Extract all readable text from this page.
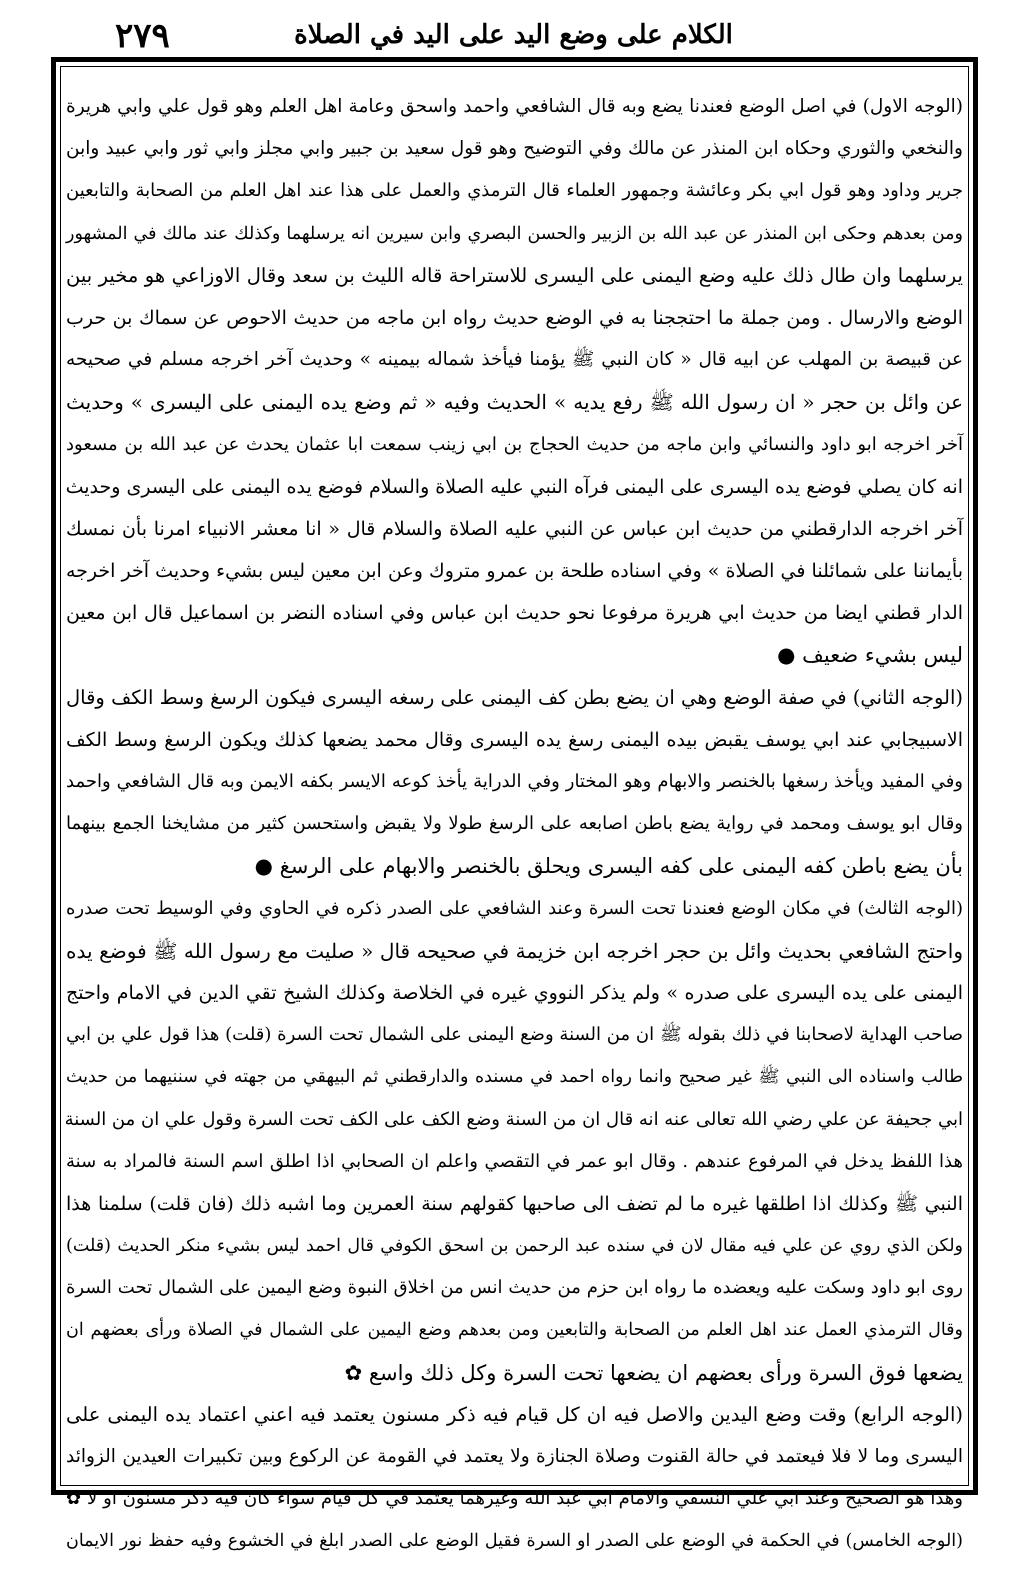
٢٧٩	الكلام على وضع اليد على اليد في الصلاة
(الوجه الاول) في اصل الوضع فعندنا يضع وبه قال الشافعي واحمد واسحق وعامة اهل العلم وهو قول علي وابي هريرة
والنخعي والثوري وحكاه ابن المنذر عن مالك وفي التوضيح وهو قول سعيد بن جبير وابي مجلز وابي ثور وابي عبيد وابن
جرير وداود وهو قول ابي بكر وعائشة وجمهور العلماء قال الترمذي والعمل على هذا عند اهل العلم من الصحابة والتابعين
ومن بعدهم وحكى ابن المنذر عن عبد الله بن الزبير والحسن البصري وابن سيرين انه يرسلهما وكذلك عند مالك في المشهور
يرسلهما وان طال ذلك عليه وضع اليمنى على اليسرى للاستراحة قاله الليث بن سعد وقال الاوزاعي هو مخير بين
الوضع والارسال . ومن جملة ما احتججنا به في الوضع حديث رواه ابن ماجه من حديث الاحوص عن سماك بن حرب
عن قبيصة بن المهلب عن ابيه قال « كان النبي ﷺ يؤمنا فيأخذ شماله بيمينه » وحديث آخر اخرجه مسلم في صحيحه
عن وائل بن حجر « ان رسول الله ﷺ رفع يديه » الحديث وفيه « ثم وضع يده اليمنى على اليسرى » وحديث
آخر اخرجه ابو داود والنسائي وابن ماجه من حديث الحجاج بن ابي زينب سمعت ابا عثمان يحدث عن عبد الله بن مسعود
انه كان يصلي فوضع يده اليسرى على اليمنى فرآه النبي عليه الصلاة والسلام فوضع يده اليمنى على اليسرى وحديث
آخر اخرجه الدارقطني من حديث ابن عباس عن النبي عليه الصلاة والسلام قال « انا معشر الانبياء امرنا بأن نمسك
بأيماننا على شمائلنا في الصلاة » وفي اسناده طلحة بن عمرو متروك وعن ابن معين ليس بشيء وحديث آخر اخرجه
الدار قطني ايضا من حديث ابي هريرة مرفوعا نحو حديث ابن عباس وفي اسناده النضر بن اسماعيل قال ابن معين
ليس بشيء ضعيف ●
(الوجه الثاني) في صفة الوضع وهي ان يضع بطن كف اليمنى على رسغه اليسرى فيكون الرسغ وسط الكف وقال
الاسبيجابي عند ابي يوسف يقبض بيده اليمنى رسغ يده اليسرى وقال محمد يضعها كذلك ويكون الرسغ وسط الكف
وفي المفيد ويأخذ رسغها بالخنصر والابهام وهو المختار وفي الدراية يأخذ كوعه الايسر بكفه الايمن وبه قال الشافعي واحمد
وقال ابو يوسف ومحمد في رواية يضع باطن اصابعه على الرسغ طولا ولا يقبض واستحسن كثير من مشايخنا الجمع بينهما
بأن يضع باطن كفه اليمنى على كفه اليسرى ويحلق بالخنصر والابهام على الرسغ ●
(الوجه الثالث) في مكان الوضع فعندنا تحت السرة وعند الشافعي على الصدر ذكره في الحاوي وفي الوسيط تحت صدره
واحتج الشافعي بحديث وائل بن حجر اخرجه ابن خزيمة في صحيحه قال « صليت مع رسول الله ﷺ فوضع يده
اليمنى على يده اليسرى على صدره » ولم يذكر النووي غيره في الخلاصة وكذلك الشيخ تقي الدين في الامام واحتج
صاحب الهداية لاصحابنا في ذلك بقوله ﷺ ان من السنة وضع اليمنى على الشمال تحت السرة (قلت) هذا قول علي بن ابي
طالب واسناده الى النبي ﷺ غير صحيح وانما رواه احمد في مسنده والدارقطني ثم البيهقي من جهته في سننيهما من حديث
ابي جحيفة عن علي رضي الله تعالى عنه انه قال ان من السنة وضع الكف على الكف تحت السرة وقول علي ان من السنة
هذا اللفظ يدخل في المرفوع عندهم . وقال ابو عمر في التقصي واعلم ان الصحابي اذا اطلق اسم السنة فالمراد به سنة
النبي ﷺ وكذلك اذا اطلقها غيره ما لم تضف الى صاحبها كقولهم سنة العمرين وما اشبه ذلك (فان قلت) سلمنا هذا
ولكن الذي روي عن علي فيه مقال لان في سنده عبد الرحمن بن اسحق الكوفي قال احمد ليس بشيء منكر الحديث (قلت)
روى ابو داود وسكت عليه ويعضده ما رواه ابن حزم من حديث انس من اخلاق النبوة وضع اليمين على الشمال تحت السرة
وقال الترمذي العمل عند اهل العلم من الصحابة والتابعين ومن بعدهم وضع اليمين على الشمال في الصلاة ورأى بعضهم ان
يضعها فوق السرة ورأى بعضهم ان يضعها تحت السرة وكل ذلك واسع ✿
(الوجه الرابع) وقت وضع اليدين والاصل فيه ان كل قيام فيه ذكر مسنون يعتمد فيه اعني اعتماد يده اليمنى على
اليسرى وما لا فلا فيعتمد في حالة القنوت وصلاة الجنازة ولا يعتمد في القومة عن الركوع وبين تكبيرات العيدين الزوائد
وهذا هو الصحيح وعند ابي علي النسفي والامام ابي عبد الله وغيرهما يعتمد في كل قيام سواء كان فيه ذكر مسنون او لا ✿
(الوجه الخامس) في الحكمة في الوضع على الصدر او السرة فقيل الوضع على الصدر ابلغ في الخشوع وفيه حفظ نور الايمان
